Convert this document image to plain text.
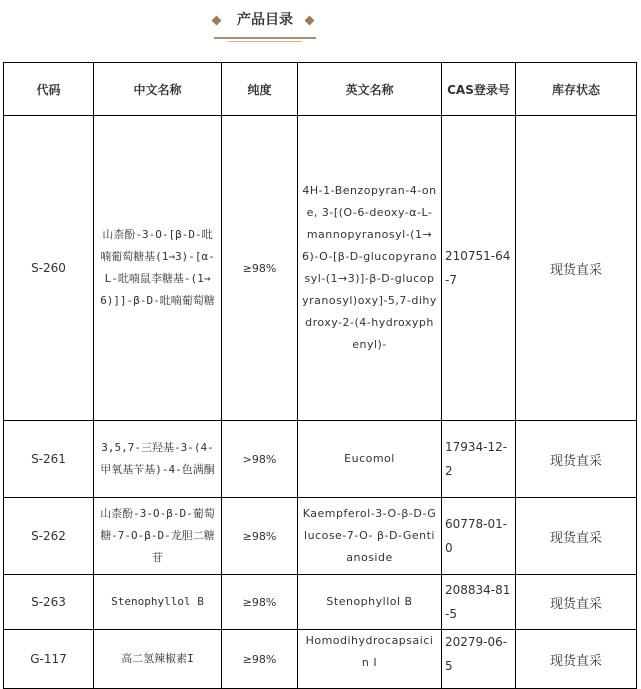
产品目录
代码	中文名称	纯度	英文名称	CAS登录号	库存状态
S-260	山柰酚-3-O-[β-D-吡喃葡萄糖基(1→3)-[α-L-吡喃鼠李糖基-(1→6)]]-β-D-吡喃葡萄糖	≥98%	4H-1-Benzopyran-4-one, 3-[(O-6-deoxy-α-L-mannopyranosyl-(1→6)-O-[β-D-glucopyranosyl-(1→3)]-β-D-glucopyranosyl)oxy]-5,7-dihydroxy-2-(4-hydroxyphenyl)-	210751-64-7	现货直采
S-261	3,5,7-三羟基-3-(4-甲氧基苄基)-4-色满酮	>98%	Eucomol	17934-12-2	现货直采
S-262	山柰酚-3-O-β-D-葡萄糖-7-O-β-D-龙胆二糖苷	≥98%	Kaempferol-3-O-β-D-Glucose-7-O- β-D-Gentianoside	60778-01-0	现货直采
S-263	Stenophyllol B	≥98%	Stenophyllol B	208834-81-5	现货直采
G-117	高二氢辣椒素I	≥98%	Homodihydrocapsaicin I	20279-06-5	现货直采
